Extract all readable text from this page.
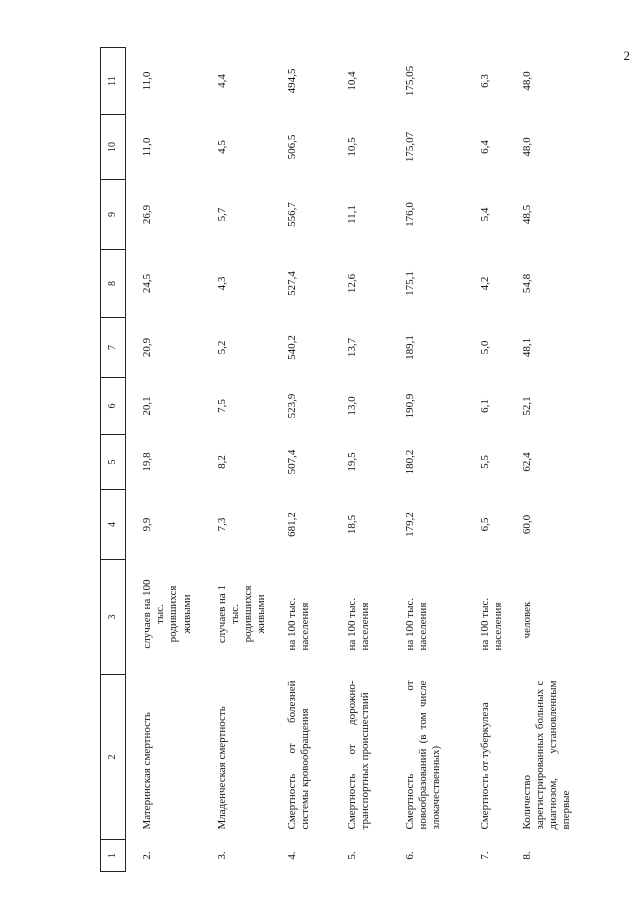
2
1	2	3	4	5	6	7	8	9	10	11
2.	Материнская смертность	случаев на 100 тыс. родившихся живыми	9,9	19,8	20,1	20,9	24,5	26,9	11,0	11,0
3.	Младенческая смертность	случаев на 1 тыс. родившихся живыми	7,3	8,2	7,5	5,2	4,3	5,7	4,5	4,4
4.	Смертность от болезней системы кровообращения	на 100 тыс. населения	681,2	507,4	523,9	540,2	527,4	556,7	506,5	494,5
5.	Смертность от дорожно-транспортных происшествий	на 100 тыс. населения	18,5	19,5	13,0	13,7	12,6	11,1	10,5	10,4
6.	Смертность от новообразований (в том числе злокачественных)	на 100 тыс. населения	179,2	180,2	190,9	189,1	175,1	176,0	175,07	175,05
7.	Смертность от туберкулеза	на 100 тыс. населения	6,5	5,5	6,1	5,0	4,2	5,4	6,4	6,3
8.	Количество зарегистрированных больных с диагнозом, установленным впервые	человек	60,0	62,4	52,1	48,1	54,8	48,5	48,0	48,0
